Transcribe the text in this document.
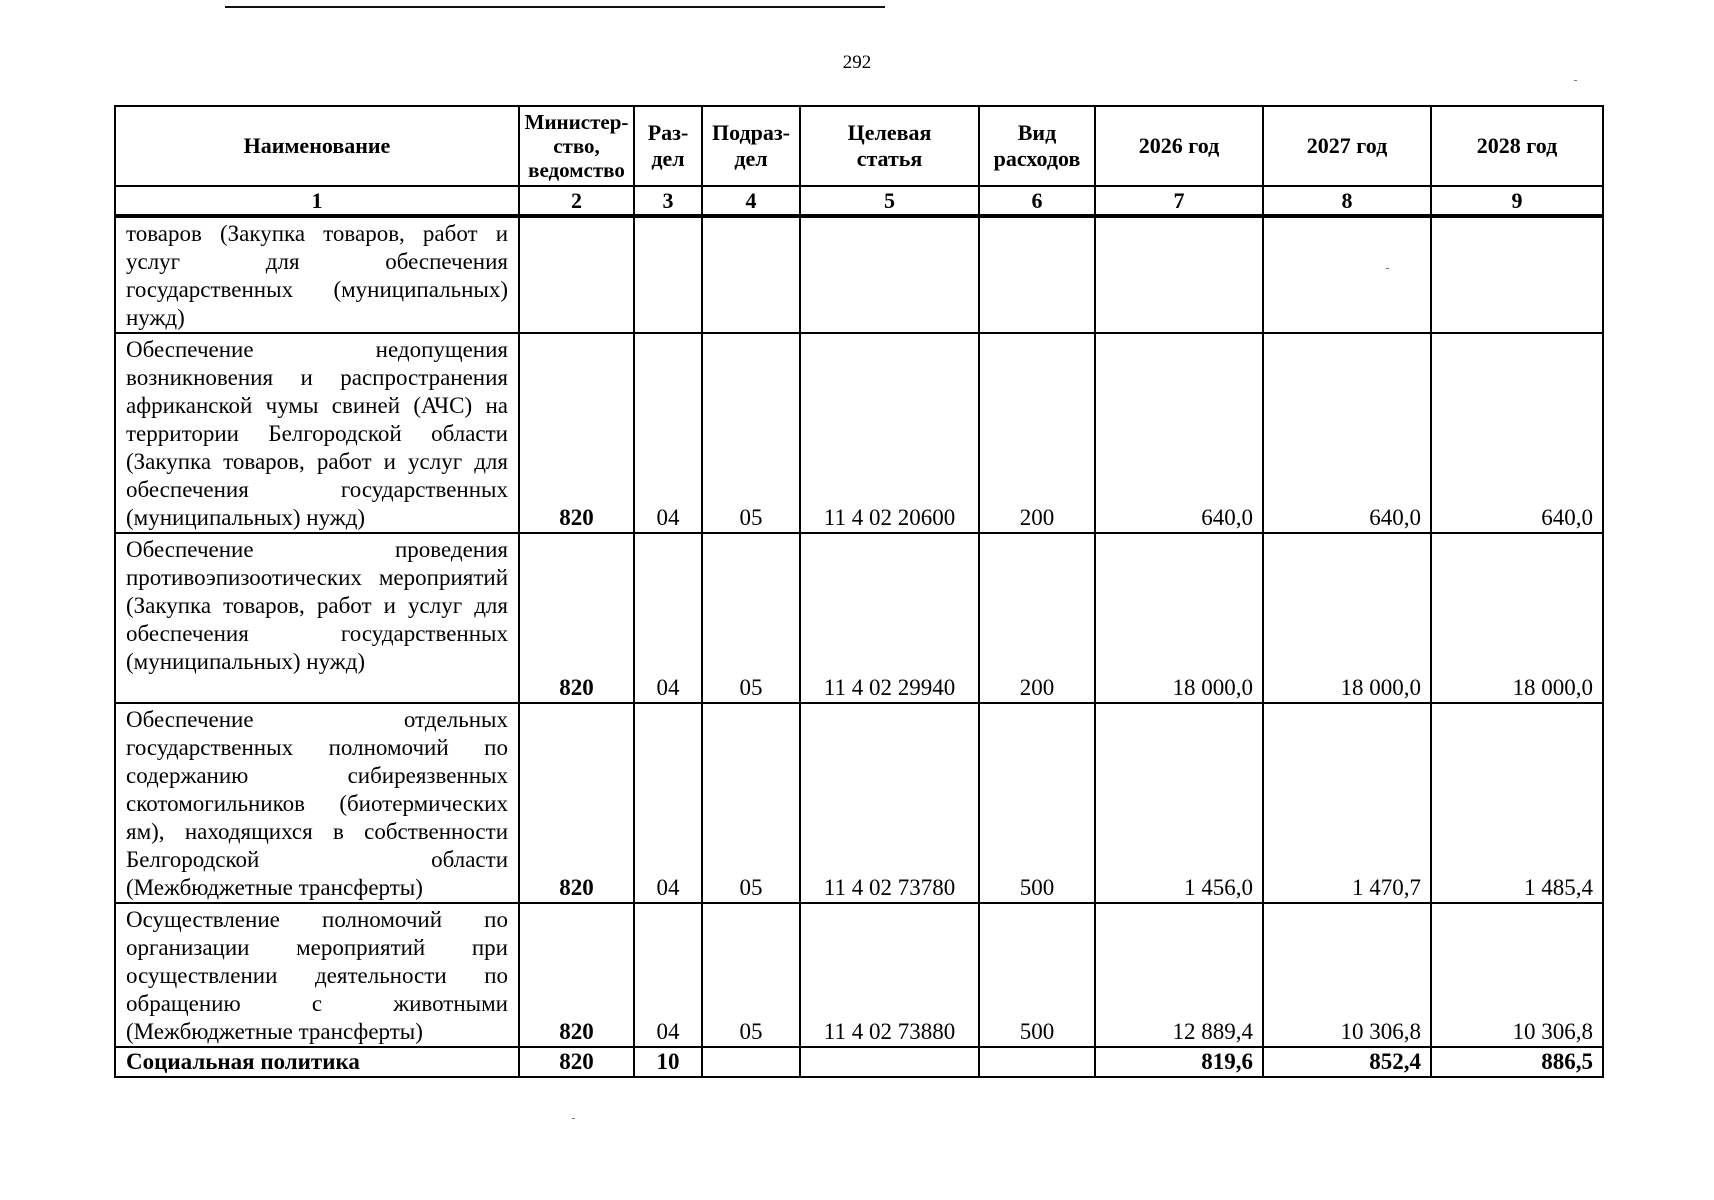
292
Наименование	Министер-ство, ведомство	Раз-дел	Подраз-дел	Целевая статья	Вид расходов	2026 год	2027 год	2028 год
1	2	3	4	5	6	7	8	9
товаров (Закупка товаров, работ и услуг для обеспечения государственных (муниципальных) нужд)								
Обеспечение недопущения возникновения и распространения африканской чумы свиней (АЧС) на территории Белгородской области (Закупка товаров, работ и услуг для обеспечения государственных (муниципальных) нужд)	820	04	05	11 4 02 20600	200	640,0	640,0	640,0
Обеспечение проведения противоэпизоотических мероприятий (Закупка товаров, работ и услуг для обеспечения государственных (муниципальных) нужд)	820	04	05	11 4 02 29940	200	18 000,0	18 000,0	18 000,0
Обеспечение отдельных государственных полномочий по содержанию сибиреязвенных скотомогильников (биотермических ям), находящихся в собственности Белгородской области (Межбюджетные трансферты)	820	04	05	11 4 02 73780	500	1 456,0	1 470,7	1 485,4
Осуществление полномочий по организации мероприятий при осуществлении деятельности по обращению с животными (Межбюджетные трансферты)	820	04	05	11 4 02 73880	500	12 889,4	10 306,8	10 306,8
Социальная политика	820	10				819,6	852,4	886,5
